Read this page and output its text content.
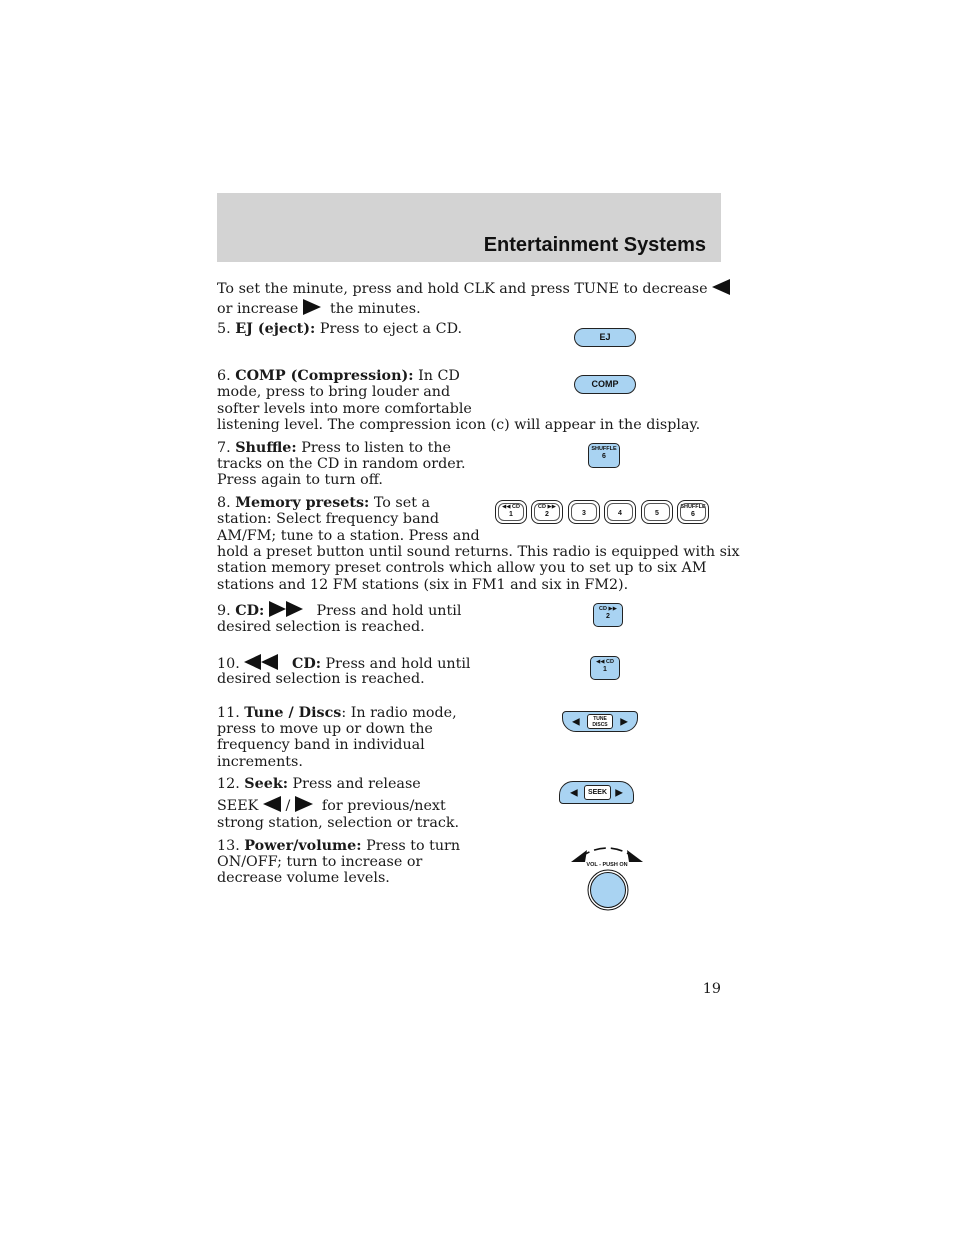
Entertainment Systems
To set the minute, press and hold CLK and press TUNE to decrease
or increase the minutes.
5. EJ (eject): Press to eject a CD.	EJ
6. COMP (Compression): In CD
mode, press to bring louder and
softer levels into more comfortable
listening level. The compression icon (c) will appear in the display.
COMP
7. Shuffle: Press to listen to the
tracks on the CD in random order.
Press again to turn off.
SHUFFLE
6
8. Memory presets: To set a
station: Select frequency band
AM/FM; tune to a station. Press and
hold a preset button until sound returns. This radio is equipped with six
station memory preset controls which allow you to set up to six AM
stations and 12 FM stations (six in FM1 and six in FM2).
◀◀ CD
1
CD ▶▶
2	3	4	5
SHUFFLE
6
9. CD:	Press and hold until
desired selection is reached.
CD ▶▶
2
10.	CD: Press and hold until
desired selection is reached.
◀◀ CD
1
11. Tune / Discs: In radio mode,
press to move up or down the
frequency band in individual
increments.
◀	TUNE
DISCS	▶
12. Seek: Press and release
SEEK / for previous/next
strong station, selection or track.
◀	SEEK ▶
13. Power/volume: Press to turn
ON/OFF; turn to increase or
decrease volume levels.
VOL - PUSH ON
19
